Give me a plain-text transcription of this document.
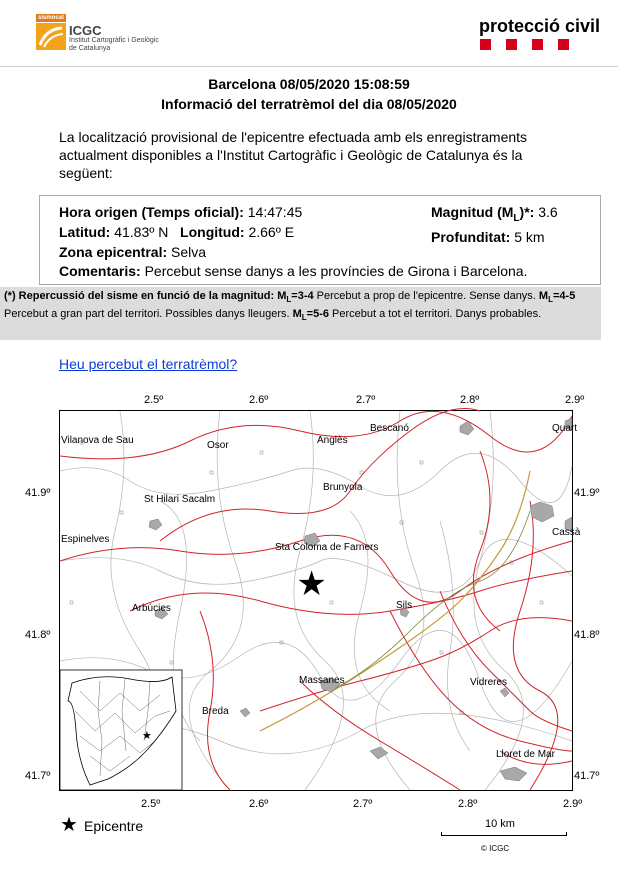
sismocat
ICGC
Institut Cartogràfic i Geològic de Catalunya
protecció civil
Barcelona 08/05/2020 15:08:59
Informació del terratrèmol del dia 08/05/2020
La localització provisional de l'epicentre efectuada amb els enregistraments actualment disponibles a l'Institut Cartogràfic i Geològic de Catalunya és la següent:
Hora origen (Temps oficial): 14:47:45
Latitud: 41.83º N Longitud: 2.66º E
Zona epicentral: Selva
Comentaris: Percebut sense danys a les províncies de Girona i Barcelona.
Magnitud $(M_L)*$: 3.6
Profunditat: 5 km
(*) Repercussió del sisme en funció de la magnitud: $M_L=3-4$ Percebut a prop de l'epicentre. Sense danys. $M_L=4-5$ Percebut a gran part del territori. Possibles danys lleugers. $M_L=5-6$ Percebut a tot el territori. Danys probables.
Heu percebut el terratrèmol?
2.5º	2.6º	2.7º	2.8º	2.9º
2.5º	2.6º	2.7º	2.8º	2.9º
41.9º
41.8º
41.7º
41.9º
41.8º
41.7º
★
Vilanova de Sau	Osor	Anglès
Bescanó	Quart
Brunyola
St Hilari Sacalm
Espinelves
Sta Coloma de Farners
Arbúcies	Sils
Cassà
Massanes	Vidreres
Breda
Lloret de Mar
★
★ Epicentre	10 km
© ICGC
